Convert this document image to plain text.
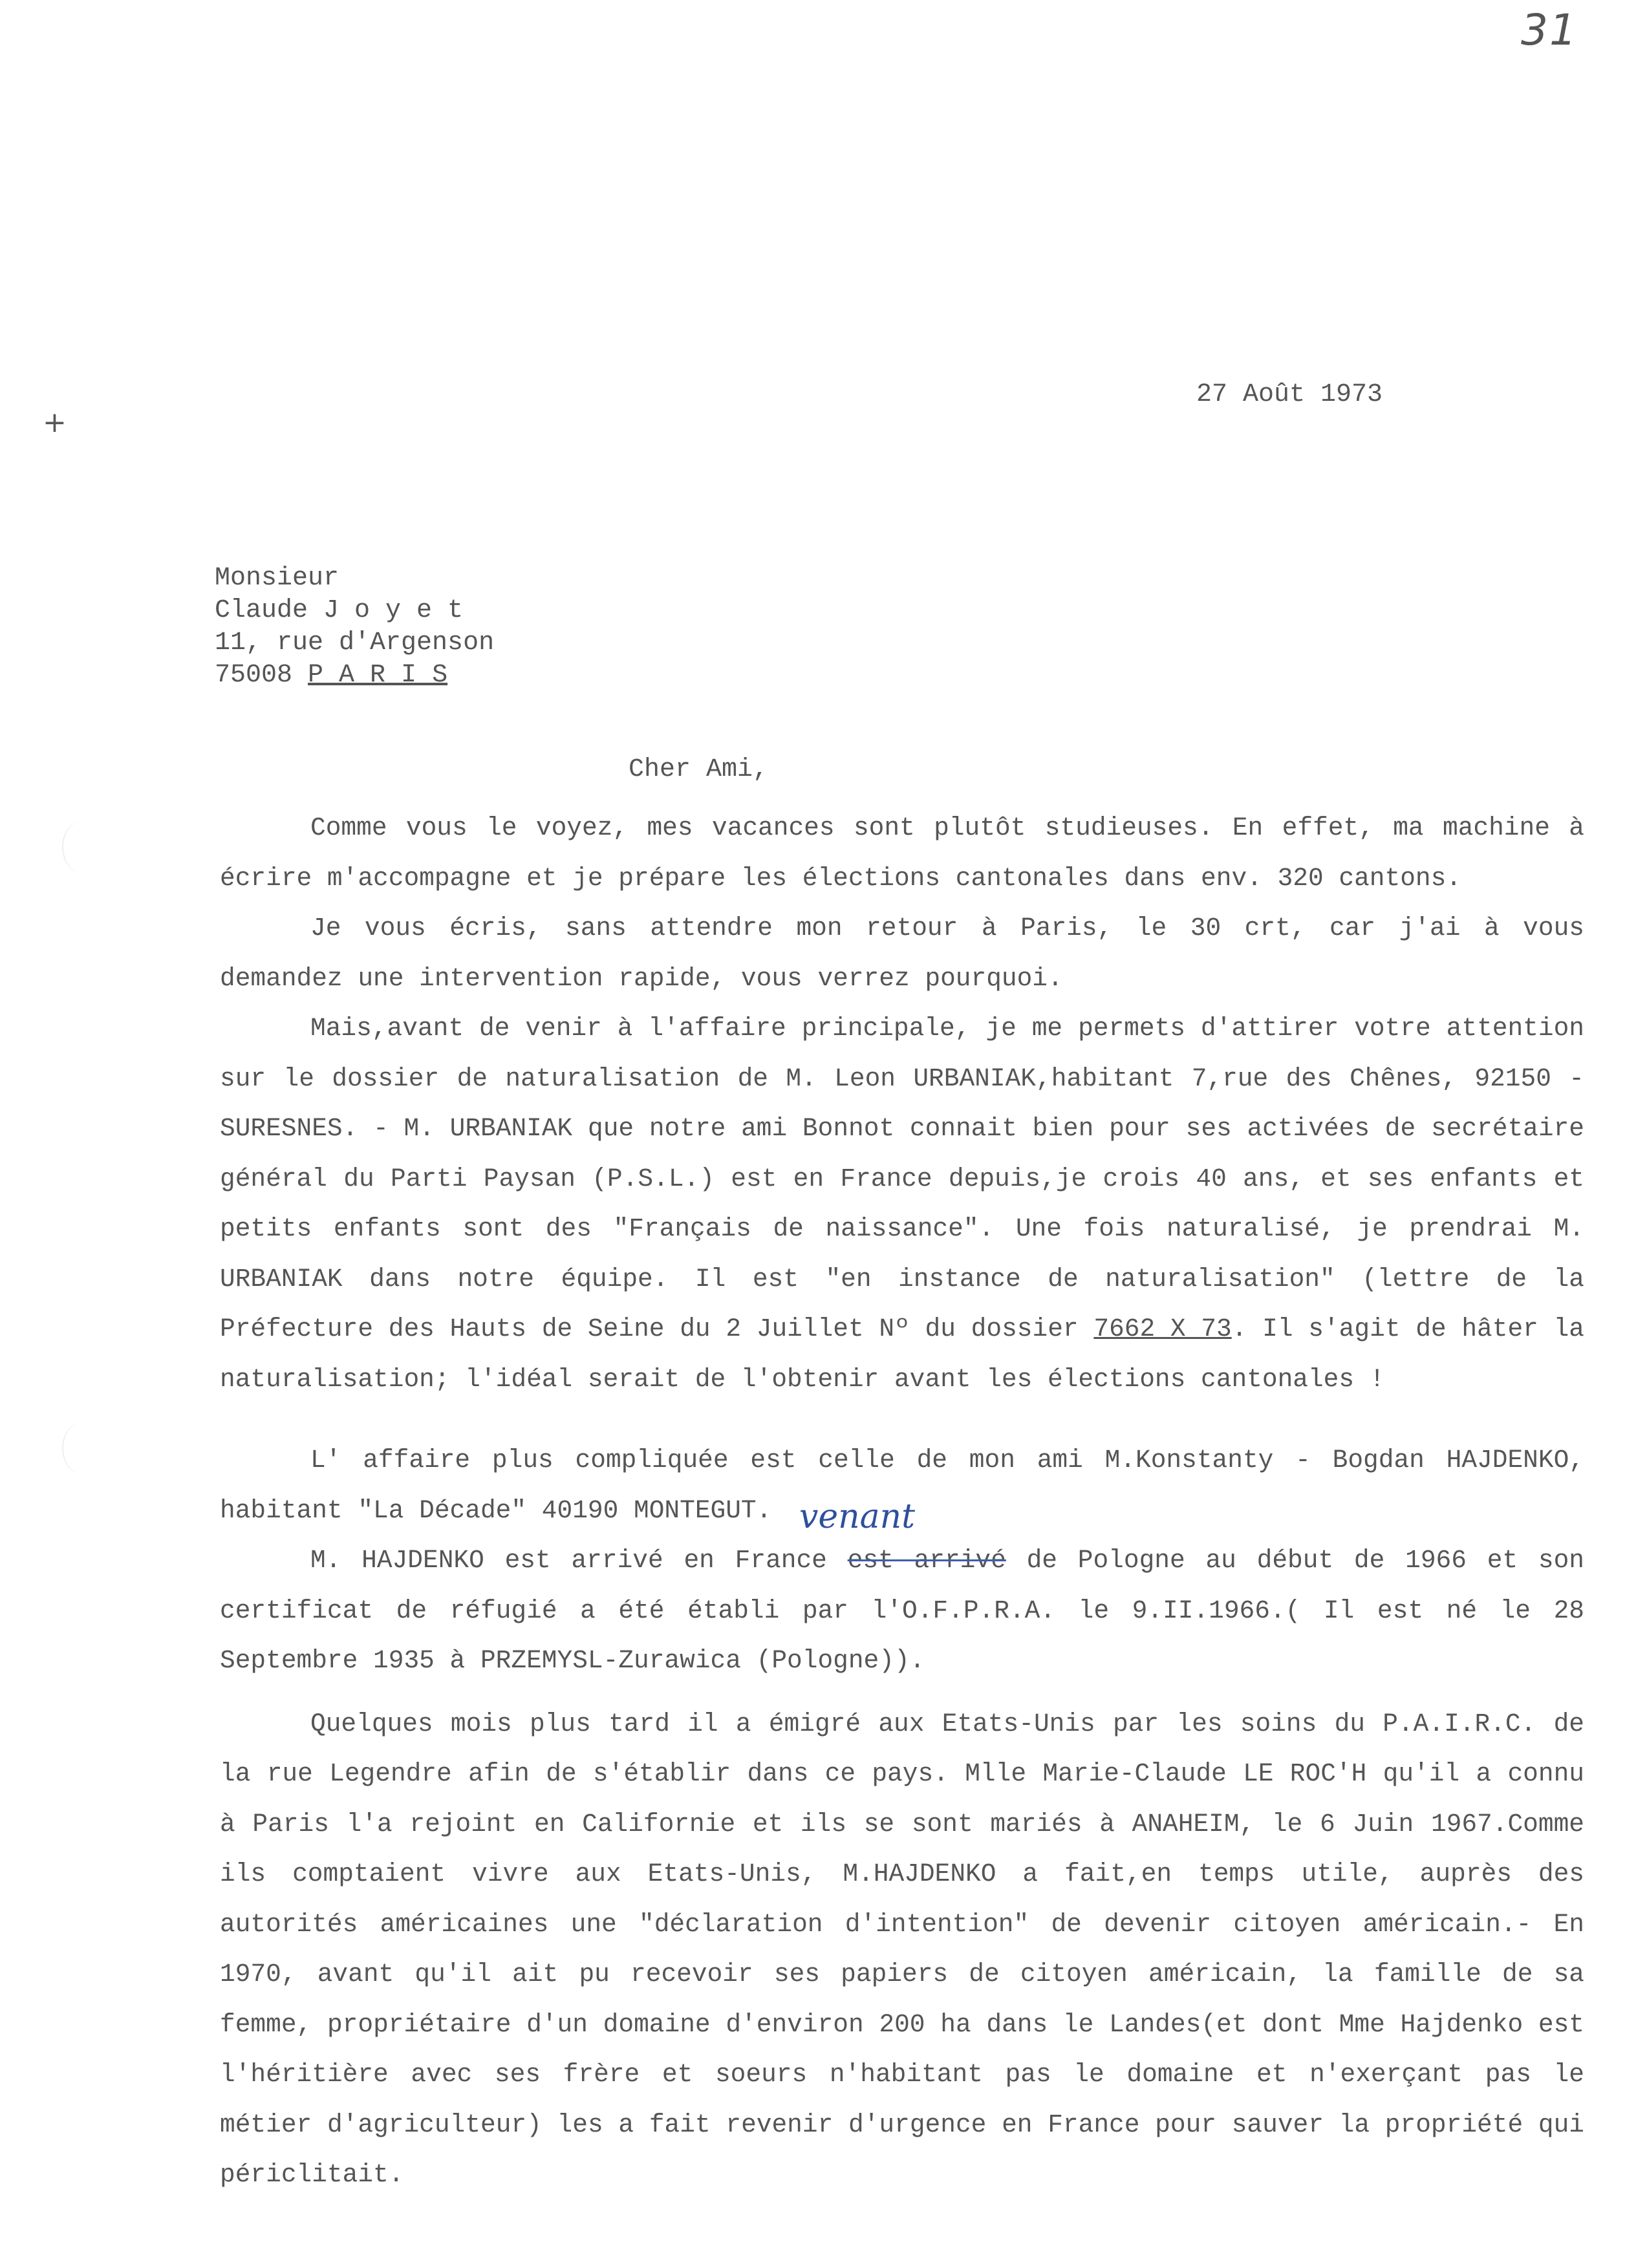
31
+
27 Août 1973
Monsieur
Claude J o y e t
11, rue d'Argenson
75008 P A R I S
Cher Ami,

Comme vous le voyez, mes vacances sont plutôt studieuses. En effet, ma machine à écrire m'accompagne et je prépare les élections cantonales dans env. 320 cantons.

Je vous écris, sans attendre mon retour à Paris, le 30 crt, car j'ai à vous demandez une intervention rapide, vous verrez pourquoi.

Mais,avant de venir à l'affaire principale, je me permets d'attirer votre attention sur le dossier de naturalisation de M. Leon URBANIAK,habitant 7,rue des Chênes, 92150 - SURESNES. - M. URBANIAK que notre ami Bonnot connait bien pour ses activées de secrétaire général du Parti Paysan (P.S.L.) est en France depuis,je crois 40 ans, et ses enfants et petits enfants sont des "Français de naissance". Une fois naturalisé, je prendrai M. URBANIAK dans notre équipe. Il est "en instance de naturalisation" (lettre de la Préfecture des Hauts de Seine du 2 Juillet Nº du dossier 7662 X 73. Il s'agit de hâter la naturalisation; l'idéal serait de l'obtenir avant les élections cantonales !

L' affaire plus compliquée est celle de mon ami M.Konstanty - Bogdan HAJDENKO, habitant "La Décade" 40190 MONTEGUT.

M. HAJDENKO est arrivé en France est arrivé de Pologne au début de 1966 et son certificat de réfugié a été établi par l'O.F.P.R.A. le 9.II.1966.( Il est né le 28 Septembre 1935 à PRZEMYSL-Zurawica (Pologne)).

Quelques mois plus tard il a émigré aux Etats-Unis par les soins du P.A.I.R.C. de la rue Legendre afin de s'établir dans ce pays. Mlle Marie-Claude LE ROC'H qu'il a connu à Paris l'a rejoint en Californie et ils se sont mariés à ANAHEIM, le 6 Juin 1967.Comme ils comptaient vivre aux Etats-Unis, M.HAJDENKO a fait,en temps utile, auprès des autorités américaines une "déclaration d'intention" de devenir citoyen américain.- En 1970, avant qu'il ait pu recevoir ses papiers de citoyen américain, la famille de sa femme, propriétaire d'un domaine d'environ 200 ha dans le Landes(et dont Mme Hajdenko est l'héritière avec ses frère et soeurs n'habitant pas le domaine et n'exerçant pas le métier d'agriculteur) les a fait revenir d'urgence en France pour sauver la propriété qui périclitait.

venant
